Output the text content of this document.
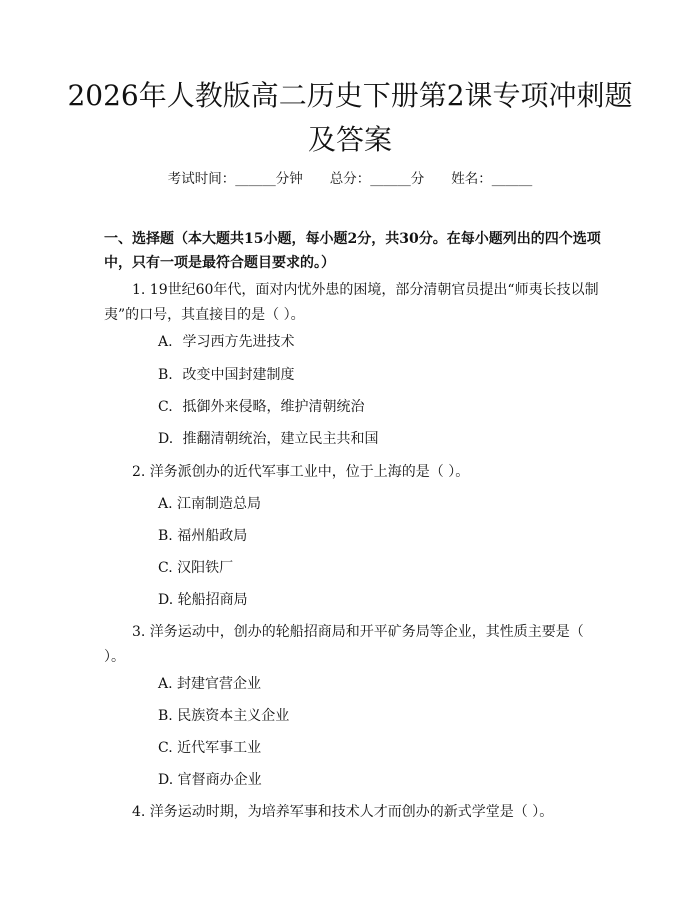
2026年人教版高二历史下册第2课专项冲刺题及答案
考试时间：______分钟　　总分：______分　　姓名：______

一、选择题（本大题共15小题，每小题2分，共30分。在每小题列出的四个选项中，只有一项是最符合题目要求的。）

1. 19世纪60年代，面对内忧外患的困境，部分清朝官员提出“师夷长技以制夷”的口号，其直接目的是（ ）。

A. 学习西方先进技术
B. 改变中国封建制度
C. 抵御外来侵略，维护清朝统治
D. 推翻清朝统治，建立民主共和国

2. 洋务派创办的近代军事工业中，位于上海的是（ ）。

A. 江南制造总局
B. 福州船政局
C. 汉阳铁厂
D. 轮船招商局

3. 洋务运动中，创办的轮船招商局和开平矿务局等企业，其性质主要是（ ）。

A. 封建官营企业
B. 民族资本主义企业
C. 近代军事工业
D. 官督商办企业

4. 洋务运动时期，为培养军事和技术人才而创办的新式学堂是（ ）。
